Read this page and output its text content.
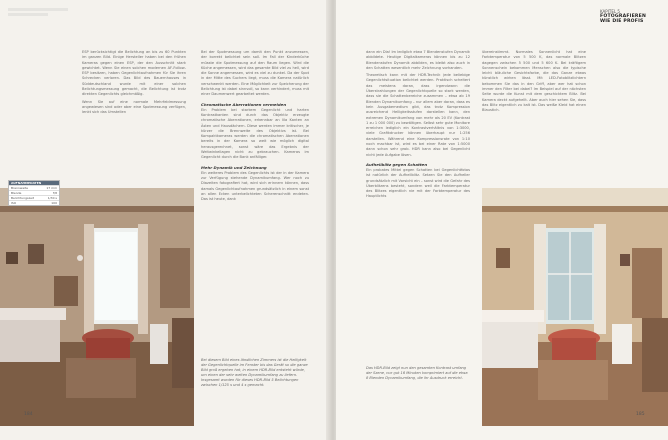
ESP berücksichtigt die Belichtung an bis zu 60 Punkten im ganzen Bild. Einige Hersteller haben bei den frühen Kameras gegen einen ESP, der den Ausschnitt stark gewichtet. Wenn Sie einen solchen modernen AF-Follow-ESP besitzen, haben Gegenlichtaufnahmen für Sie ihren Schrecken verloren. Das Bild des Bauernhauses in Süddeutschland wurde mit einer solchen Belichtungsmessung gemacht, die Belichtung ist trotz direkten Gegenlichts gleichmäßig.

Wenn Sie auf eine normale Mehrfeldmessung angewiesen sind oder aber eine Spotmessung verfügen, lenkt sich das Umstellen

Bei der Spotmessung um damit den Punkt anzumessen, der korrekt belichtet sein soll. Im Fall der Kinderküche müsste die Spotmessung auf den Raum liegen. Wird die Küche angemessen, wird das gesamte Bild viel zu hell, wird die Sonne angemessen, wird es viel zu dunkel. Da der Spot in der Mitte des Suchers liegt, muss die Kamera natürlich verschwenkt werden. Eine Möglichkeit zur Speicherung der Belichtung ist dabei sinnvoll, so kann verhindert, muss mit einer Daumenwert gearbeitet werden.

Chromatische Aberrationen vermeiden

Ein Problem bei starkem Gegenlicht und harten Kontrastkanten sind durch das Objektiv erzeugte chromatische Aberrationen, erkennbar an lila Kanten an Ästen und Hausdächern. Diese werden immer kritischer, je kürzer die Brennweite des Objektivs ist. Bei Kompaktkameras werden die chromatischen Aberrationen bereits in der Kamera so weit wie möglich digital herausgerechnet, sonst wäre das Ergebnis der Weitwinkellagen nicht zu gebrauchen. Kameras im Gegenlicht durch die Bank anfälliger.

Mehr Dynamik und Zeichnung

Ein weiteres Problem des Gegenlichts ist der in der Kamera zur Verfügung stehende Dynamikumfang. Wer noch zu Diazeiten fotografiert hat, wird sich erinnern können, dass damals Gegenlichtaufnahmen grundsätzlich in einem sonst an allen Ecken unterbelichteten Scherenschnitt endeten. Das ist heute, dank

AUFNAHMEDATEN
Brennweite	17 mm
Blende	f/8
Belichtungszeit	1/30 s
ISO	100
Bei diesem Bild eines ländlichen Zimmers ist die Helligkeit der Gegenlichtquelle im Fenster bis das Gerät so die ganze Bild groß ergeben hat, in einem HDR-Bild entsteht würde, um einen der sehr weiten Dynamikumfang zu liefern. Insgesamt wurden für dieses HDR-Bild 5 Belichtungen zwischen 1/125 s und 4 s gemacht.
184
KAPITEL 5
FOTOGRAFIEREN
WIE DIE PROFIS

dann ein Dia! Im lediglich etwa 7 Blendenstufen Dynamik abbildete. Heutige Digitalkameras können bis zu 12 Blendenstufen Dynamik abbilden, es bleibt also auch in den Schatten wesentlich mehr Zeichnung vorhanden.

Theoretisch kann mit der HDR-Technik jede beliebige Gegenlichtsituation belichtet werden. Praktisch scheitert das meistens daran, dass irgendwann die Überstrahlungen der Gegenlichtquelle so stark werden, dass sie die Schattenbereiche zusammen – etwa ab 19 Blenden Dynamikumfang – nur allem aber daran, dass es kein Ausgabemedium gibt, das trotz Kompression ausreichend Helligkeitsstufen darstellen kann, den extremen Dynamikumfang von mehr als 20 EV (Kontrast 1 zu 1 000 000) zu bewältigen. Selbst sehr gute Monitore erreichen lediglich ein Kontrastverhältnis von 1:3000, viele Grafikdrucker können überhaupt nur 1:256 darstellen. Während eine Kompressionsrate von 1:10 noch machbar ist, wird es bei einer Rate von 1:5000 dann schon sehr grob. HDR kann also bei Gegenlicht nicht jede Aufgabe lösen.

Aufhellblitz gegen Schatten

Ein probates Mittel gegen Schatten bei Gegenlichtfotos ist natürlich der Aufhellblitz. Setzen Sie den Aufheller grundsätzlich mit Vorsicht ein – sonst wird die Gefahr des Überblitzens besteht, sondern weil die Farbtemperatur des Blitzes eigentlich nie mit der Farbtemperatur des Hauptlichts

übereinstimmt. Normales Sonnenlicht hat eine Farbtemperatur von 5 500 K, das normale Blitzen dagegen zwischen 5 500 und 5 600 K. Bei kräftigem Sonnenschein bekommen Menschen also die typische leicht bläuliche Gesichtsfarbe, die das Ganze etwas künstlich wirken lässt. Mit LED-Fotoblitzlichtern bekommen Sie das in den Griff, aber wer hat schon immer den Filter bei dabei? Im Beispiel auf der nächsten Seite wurde die Kunst mit dem geschicktem Blitz. Bei Kamera deckt aufgehellt. Aber auch hier sehen Sie, dass das Blitz eigentlich zu kalt ist. Das weiße Kleid hat einen Blaustich.

Das HDR-Bild zeigt nun den gesamten Kontrast umfang der Szene, nur gut 16 Minuten komprimiert auf die etwa 8 Blenden Dynamikumfang, die ihr Ausdruck erreicht.
185
